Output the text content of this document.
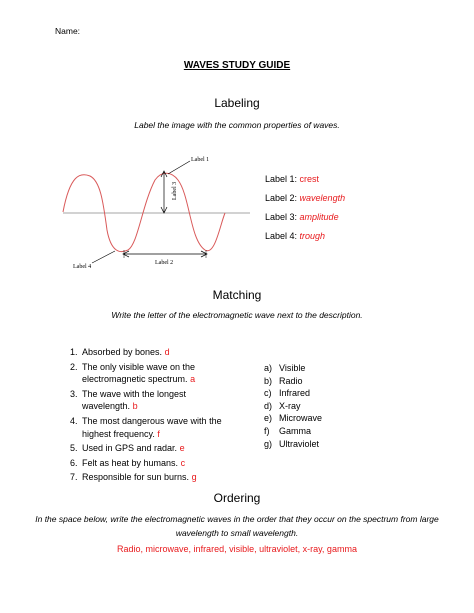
Name:
WAVES STUDY GUIDE
Labeling
Label the image with the common properties of waves.
Label 3
Label 1
Label 2
Label 4
Label 1: crest
Label 2: wavelength
Label 3: amplitude
Label 4: trough
Matching
Write the letter of the electromagnetic wave next to the description.
1. Absorbed by bones. d
2. The only visible wave on the electromagnetic spectrum. a
3. The wave with the longest wavelength. b
4. The most dangerous wave with the highest frequency. f
5. Used in GPS and radar. e
6. Felt as heat by humans. c
7. Responsible for sun burns. g
a) Visible
b) Radio
c) Infrared
d) X-ray
e) Microwave
f)	Gamma
g) Ultraviolet
Ordering
In the space below, write the electromagnetic waves in the order that they occur on the spectrum from large wavelength to small wavelength.
Radio, microwave, infrared, visible, ultraviolet, x-ray, gamma
